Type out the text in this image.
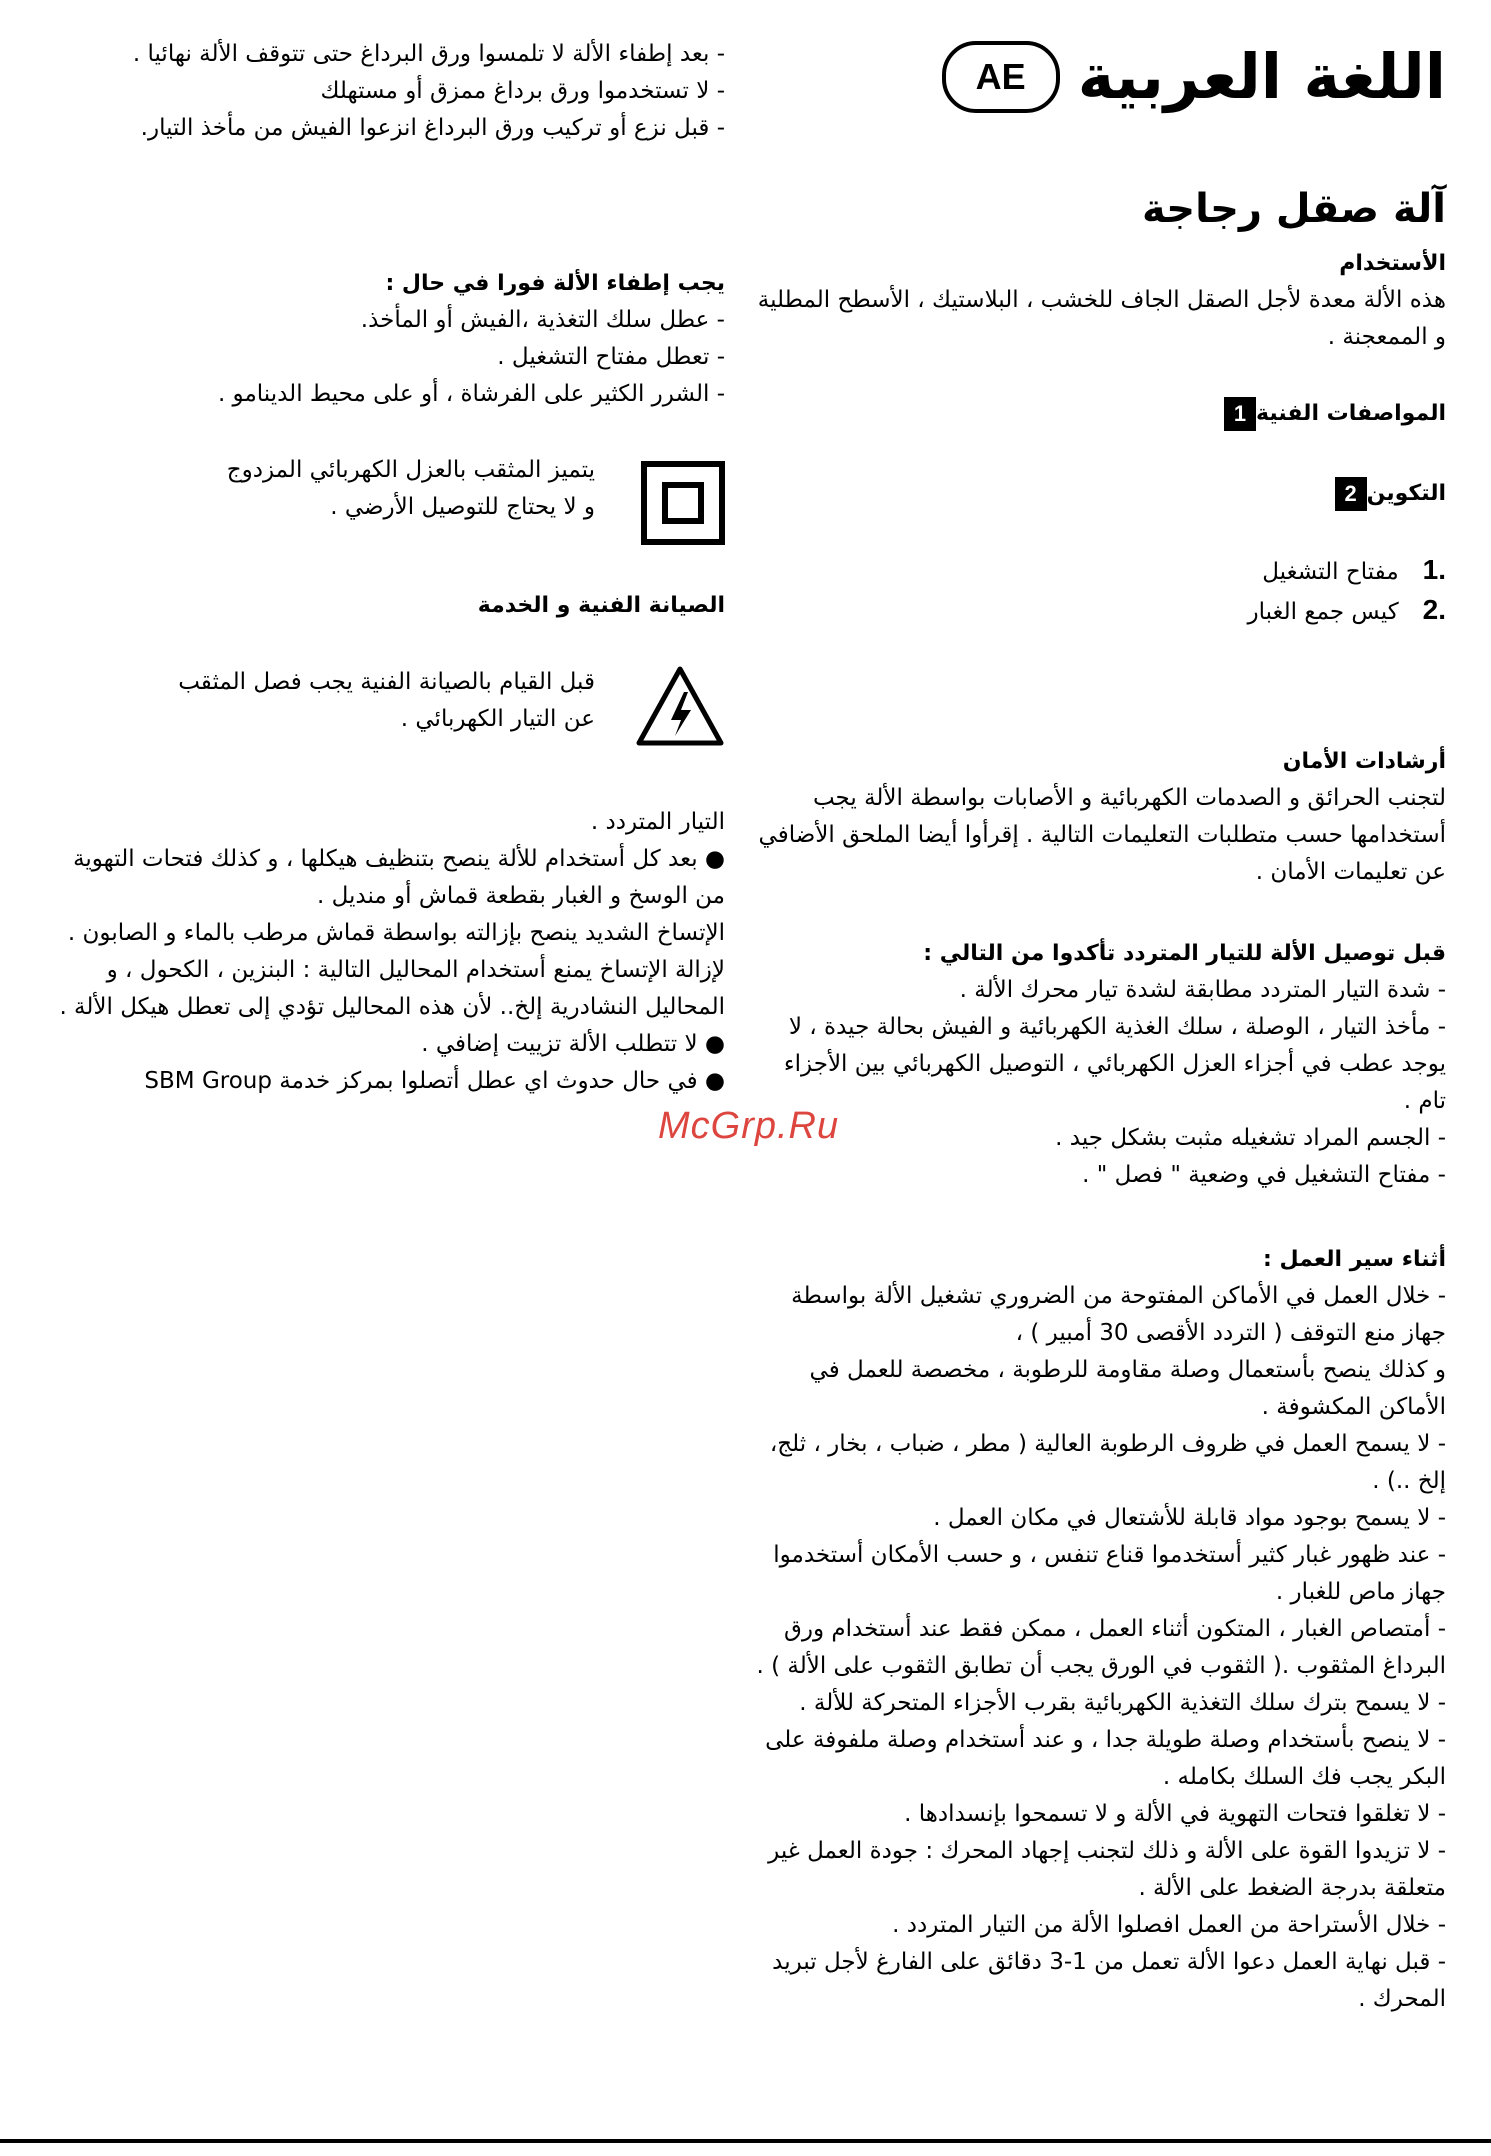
اللغة العربية
AE
آلة صقل رجاجة

الأستخدام

هذه الألة معدة لأجل الصقل الجاف للخشب ، البلاستيك ، الأسطح المطلية و الممعجنة .

المواصفات الفنية
1
التكوين
2
.1مفتاح التشغيل
.2كيس جمع الغبار

أرشادات الأمان

لتجنب الحرائق و الصدمات الكهربائية و الأصابات بواسطة الألة يجب أستخدامها حسب متطلبات التعليمات التالية . إقرأوا أيضا الملحق الأضافي عن تعليمات الأمان .

قبل توصيل الألة للتيار المتردد تأكدوا من التالي :

- شدة التيار المتردد مطابقة لشدة تيار محرك الألة .

- مأخذ التيار ، الوصلة ، سلك الغذية الكهربائية و الفيش بحالة جيدة ، لا يوجد عطب في أجزاء العزل الكهربائي ، التوصيل الكهربائي بين الأجزاء تام .

- الجسم المراد تشغيله مثبت بشكل جيد .

- مفتاح التشغيل في وضعية " فصل " .

أثناء سير العمل :

- خلال العمل في الأماكن المفتوحة من الضروري تشغيل الألة بواسطة جهاز منع التوقف ( التردد الأقصى 30 أمبير ) ،

و كذلك ينصح بأستعمال وصلة مقاومة للرطوبة ، مخصصة للعمل في الأماكن المكشوفة .

- لا يسمح العمل في ظروف الرطوبة العالية ( مطر ، ضباب ، بخار ، ثلج، إلخ ..) .

- لا يسمح بوجود مواد قابلة للأشتعال في مكان العمل .

- عند ظهور غبار كثير أستخدموا قناع تنفس ، و حسب الأمكان أستخدموا جهاز ماص للغبار .

- أمتصاص الغبار ، المتكون أثناء العمل ، ممكن فقط عند أستخدام ورق البرداغ المثقوب .( الثقوب في الورق يجب أن تطابق الثقوب على الألة ) .

- لا يسمح بترك سلك التغذية الكهربائية بقرب الأجزاء المتحركة للألة .

- لا ينصح بأستخدام وصلة طويلة جدا ، و عند أستخدام وصلة ملفوفة على البكر يجب فك السلك بكامله .

- لا تغلقوا فتحات التهوية في الألة و لا تسمحوا بإنسدادها .

- لا تزيدوا القوة على الألة و ذلك لتجنب إجهاد المحرك : جودة العمل غير متعلقة بدرجة الضغط على الألة .

- خلال الأستراحة من العمل افصلوا الألة من التيار المتردد .

- قبل نهاية العمل دعوا الألة تعمل من 1-3 دقائق على الفارغ لأجل تبريد المحرك .

- بعد إطفاء الألة لا تلمسوا ورق البرداغ حتى تتوقف الألة نهائيا .

- لا تستخدموا ورق برداغ ممزق أو مستهلك

- قبل نزع أو تركيب ورق البرداغ انزعوا الفيش من مأخذ التيار.

يجب إطفاء الألة فورا في حال :

- عطل سلك التغذية ،الفيش أو المأخذ.

- تعطل مفتاح التشغيل .

- الشرر الكثير على الفرشاة ، أو على محيط الدينامو .

يتميز المثقب بالعزل الكهربائي المزدوج

و لا يحتاج للتوصيل الأرضي .

الصيانة الفنية و الخدمة

قبل القيام بالصيانة الفنية يجب فصل المثقب

عن التيار الكهربائي .

التيار المتردد .

● بعد كل أستخدام للألة ينصح بتنظيف هيكلها ، و كذلك فتحات التهوية من الوسخ و الغبار بقطعة قماش أو منديل .

الإتساخ الشديد ينصح بإزالته بواسطة قماش مرطب بالماء و الصابون . لإزالة الإتساخ يمنع أستخدام المحاليل التالية : البنزين ، الكحول ، و المحاليل النشادرية إلخ.. لأن هذه المحاليل تؤدي إلى تعطل هيكل الألة .

● لا تتطلب الألة تزييت إضافي .

● في حال حدوث اي عطل أتصلوا بمركز خدمة SBM Group

McGrp.Ru
